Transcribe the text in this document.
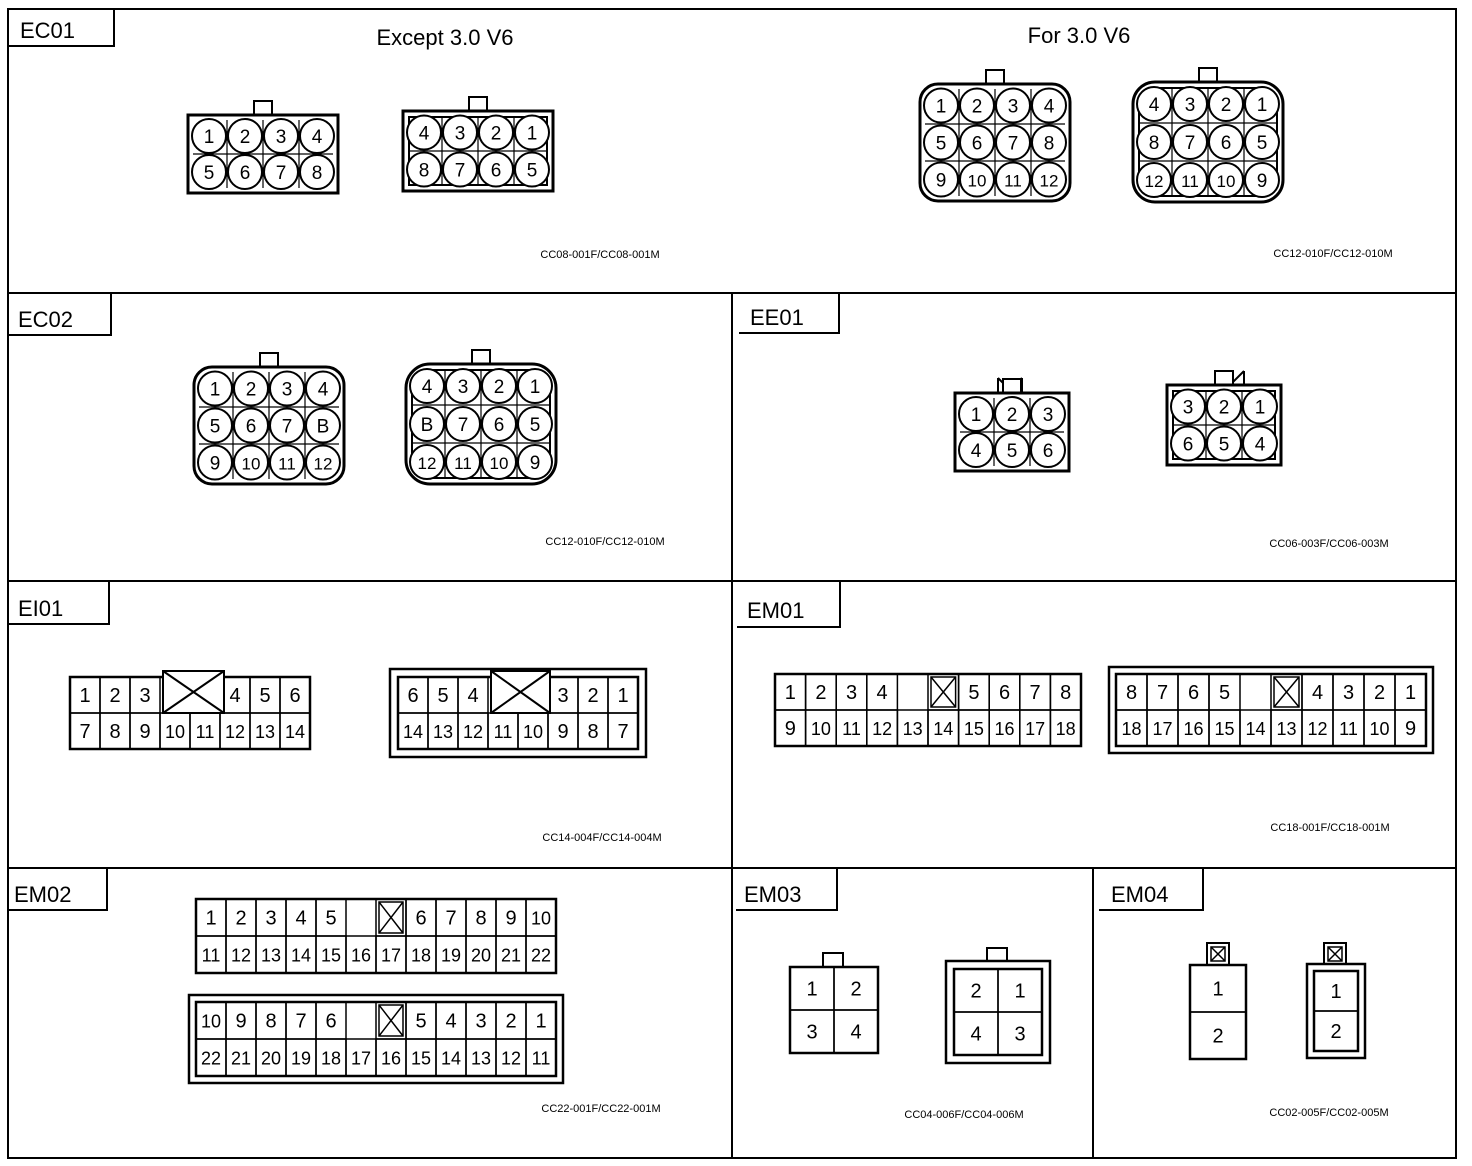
EC01	Except 3.0 V6	For 3.0 V6
CC08-001F/CC08-001M	CC12-010F/CC12-010M
EC02
CC12-010F/CC12-010M
EE01
CC06-003F/CC06-003M
EI01
CC14-004F/CC14-004M
EM01
CC18-001F/CC18-001M
EM02
CC22-001F/CC22-001M
EM03
CC04-006F/CC04-006M
EM04
CC02-005F/CC02-005M
1 2 3 4
5 6 7 8
4 3 2 1
8 7 6 5
1 2 3 4
5 6 7 8
9 10 11 12
4 3 2 1
8 7 6 5
12 11 10 9
1 2 3 4
5 6 7 B
9 10 11 12
4 3 2 1
B 7 6 5
12 11 10 9
1 2 3
4 5 6
3 2 1
6 5 4
1 2 3	4 5 6
7 8 9 10 11 12 13 14
6 5 4	3 2 1
14 13 12 11 10 9 8 7
1 2 3 4	5 6 7 8
9 10 11 12 13 14 15 16 17 18
8 7 6 5	4 3 2 1
18 17 16 15 14 13 12 11 10 9
1 2 3 4 5	6 7 8 9 10
11 12 13 14 15 16 17 18 19 20 21 22
10 9 8 7 6	5 4 3 2 1
22 21 20 19 18 17 16 15 14 13 12 11
1 2
3 4
2 1
4 3
1
2
1
2
